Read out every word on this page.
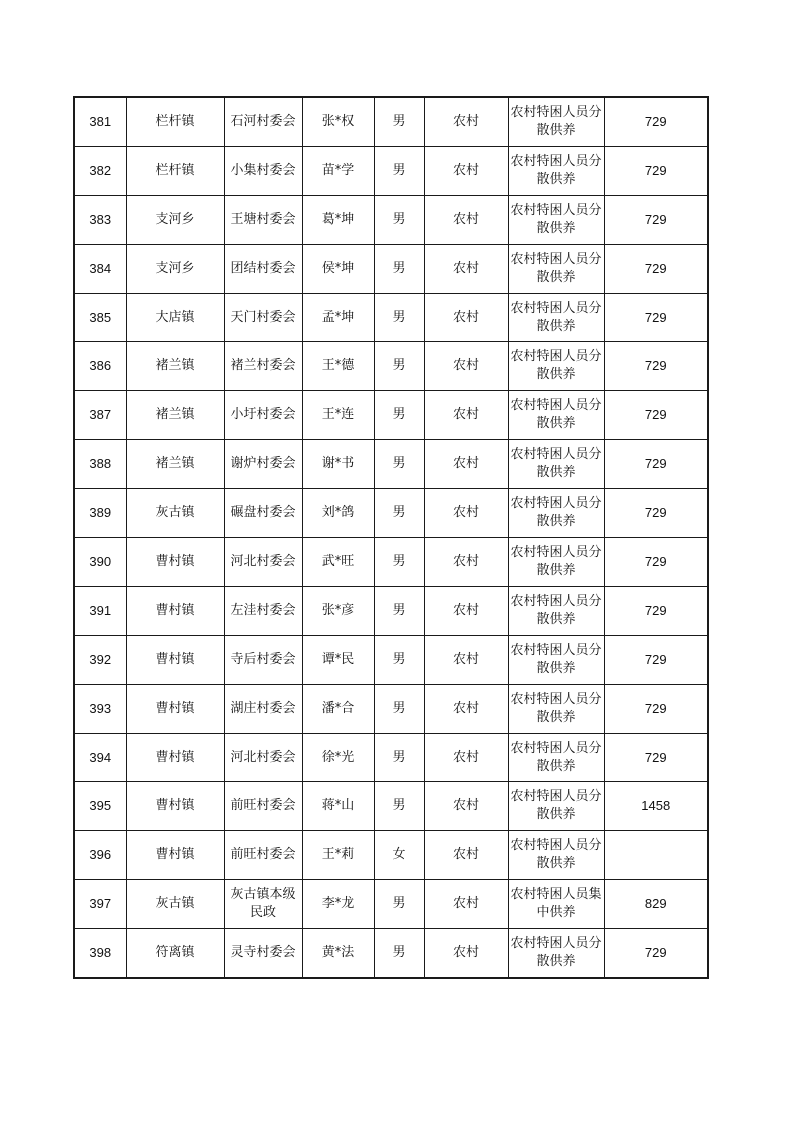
381	栏杆镇	石河村委会	张*权	男	农村	农村特困人员分散供养	729
382	栏杆镇	小集村委会	苗*学	男	农村	农村特困人员分散供养	729
383	支河乡	王塘村委会	葛*坤	男	农村	农村特困人员分散供养	729
384	支河乡	团结村委会	侯*坤	男	农村	农村特困人员分散供养	729
385	大店镇	天门村委会	孟*坤	男	农村	农村特困人员分散供养	729
386	褚兰镇	褚兰村委会	王*德	男	农村	农村特困人员分散供养	729
387	褚兰镇	小圩村委会	王*连	男	农村	农村特困人员分散供养	729
388	褚兰镇	谢炉村委会	谢*书	男	农村	农村特困人员分散供养	729
389	灰古镇	碾盘村委会	刘*鸽	男	农村	农村特困人员分散供养	729
390	曹村镇	河北村委会	武*旺	男	农村	农村特困人员分散供养	729
391	曹村镇	左洼村委会	张*彦	男	农村	农村特困人员分散供养	729
392	曹村镇	寺后村委会	谭*民	男	农村	农村特困人员分散供养	729
393	曹村镇	湖庄村委会	潘*合	男	农村	农村特困人员分散供养	729
394	曹村镇	河北村委会	徐*光	男	农村	农村特困人员分散供养	729
395	曹村镇	前旺村委会	蒋*山	男	农村	农村特困人员分散供养	1458
396	曹村镇	前旺村委会	王*莉	女	农村	农村特困人员分散供养	
397	灰古镇	灰古镇本级民政	李*龙	男	农村	农村特困人员集中供养	829
398	符离镇	灵寺村委会	黄*法	男	农村	农村特困人员分散供养	729
